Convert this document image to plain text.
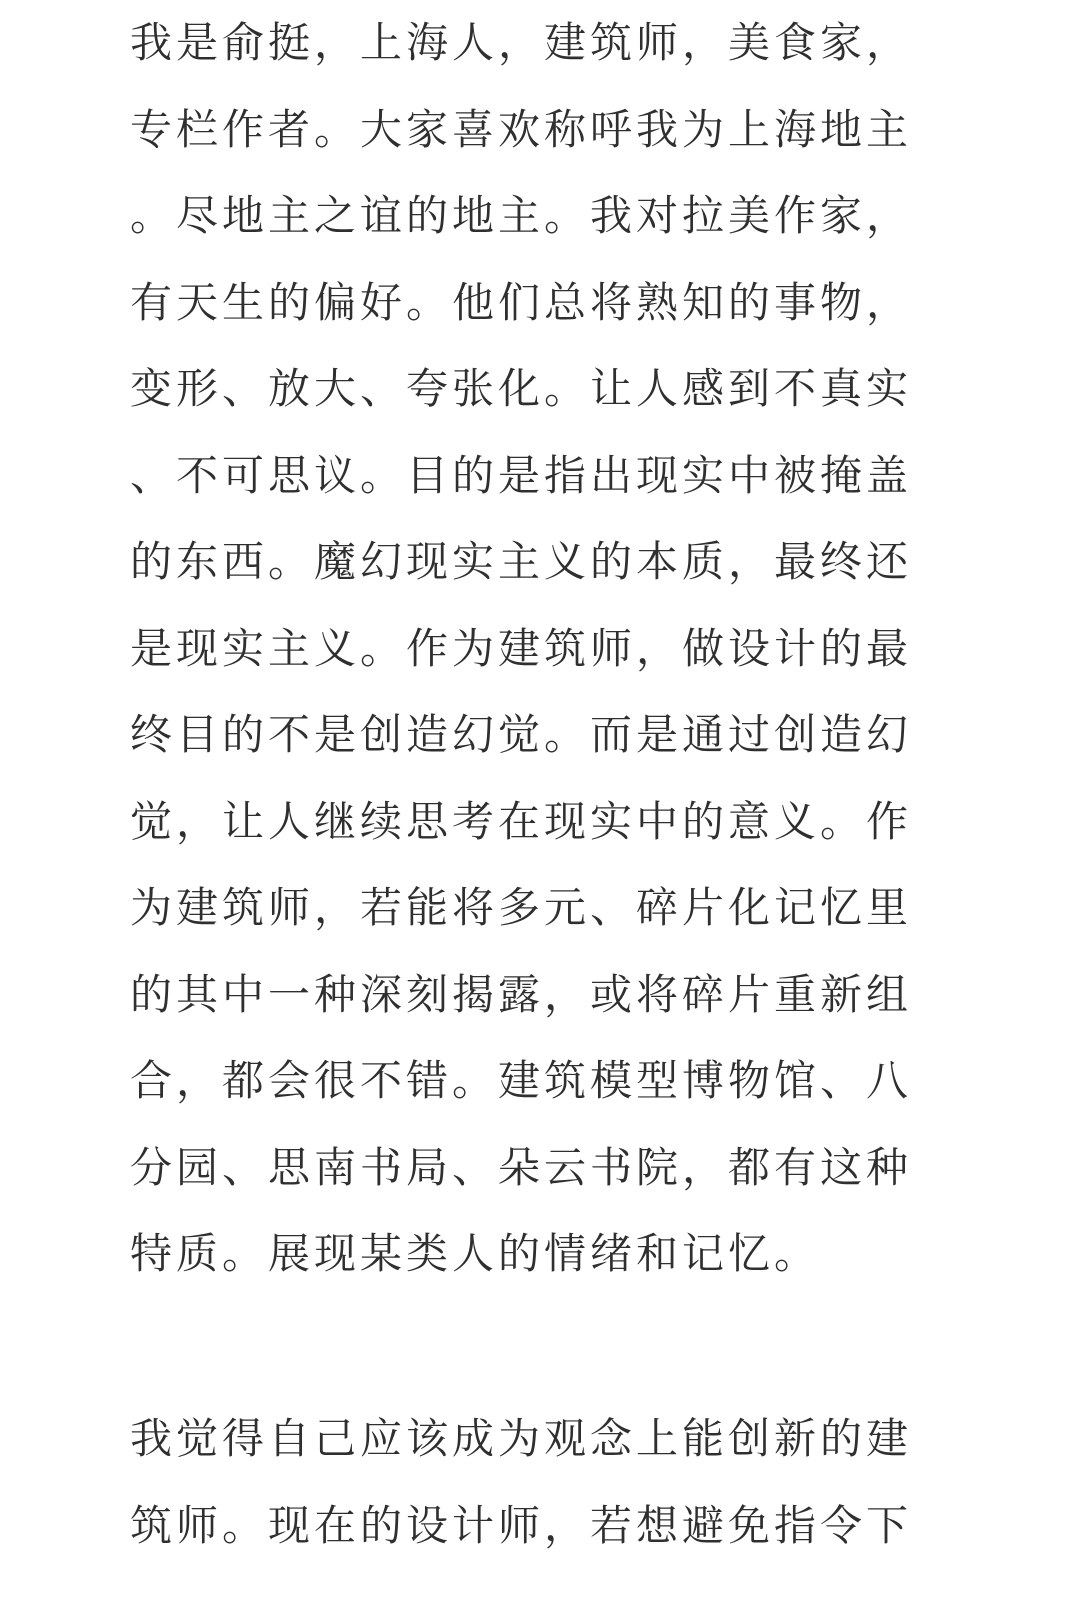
我是俞挺，上海人，建筑师，美食家，
专栏作者。大家喜欢称呼我为上海地主
。尽地主之谊的地主。我对拉美作家，
有天生的偏好。他们总将熟知的事物，
变形、放大、夸张化。让人感到不真实
、不可思议。目的是指出现实中被掩盖
的东西。魔幻现实主义的本质，最终还
是现实主义。作为建筑师，做设计的最
终目的不是创造幻觉。而是通过创造幻
觉，让人继续思考在现实中的意义。作
为建筑师，若能将多元、碎片化记忆里
的其中一种深刻揭露，或将碎片重新组
合，都会很不错。建筑模型博物馆、八
分园、思南书局、朵云书院，都有这种
特质。展现某类人的情绪和记忆。
我觉得自己应该成为观念上能创新的建
筑师。现在的设计师，若想避免指令下
